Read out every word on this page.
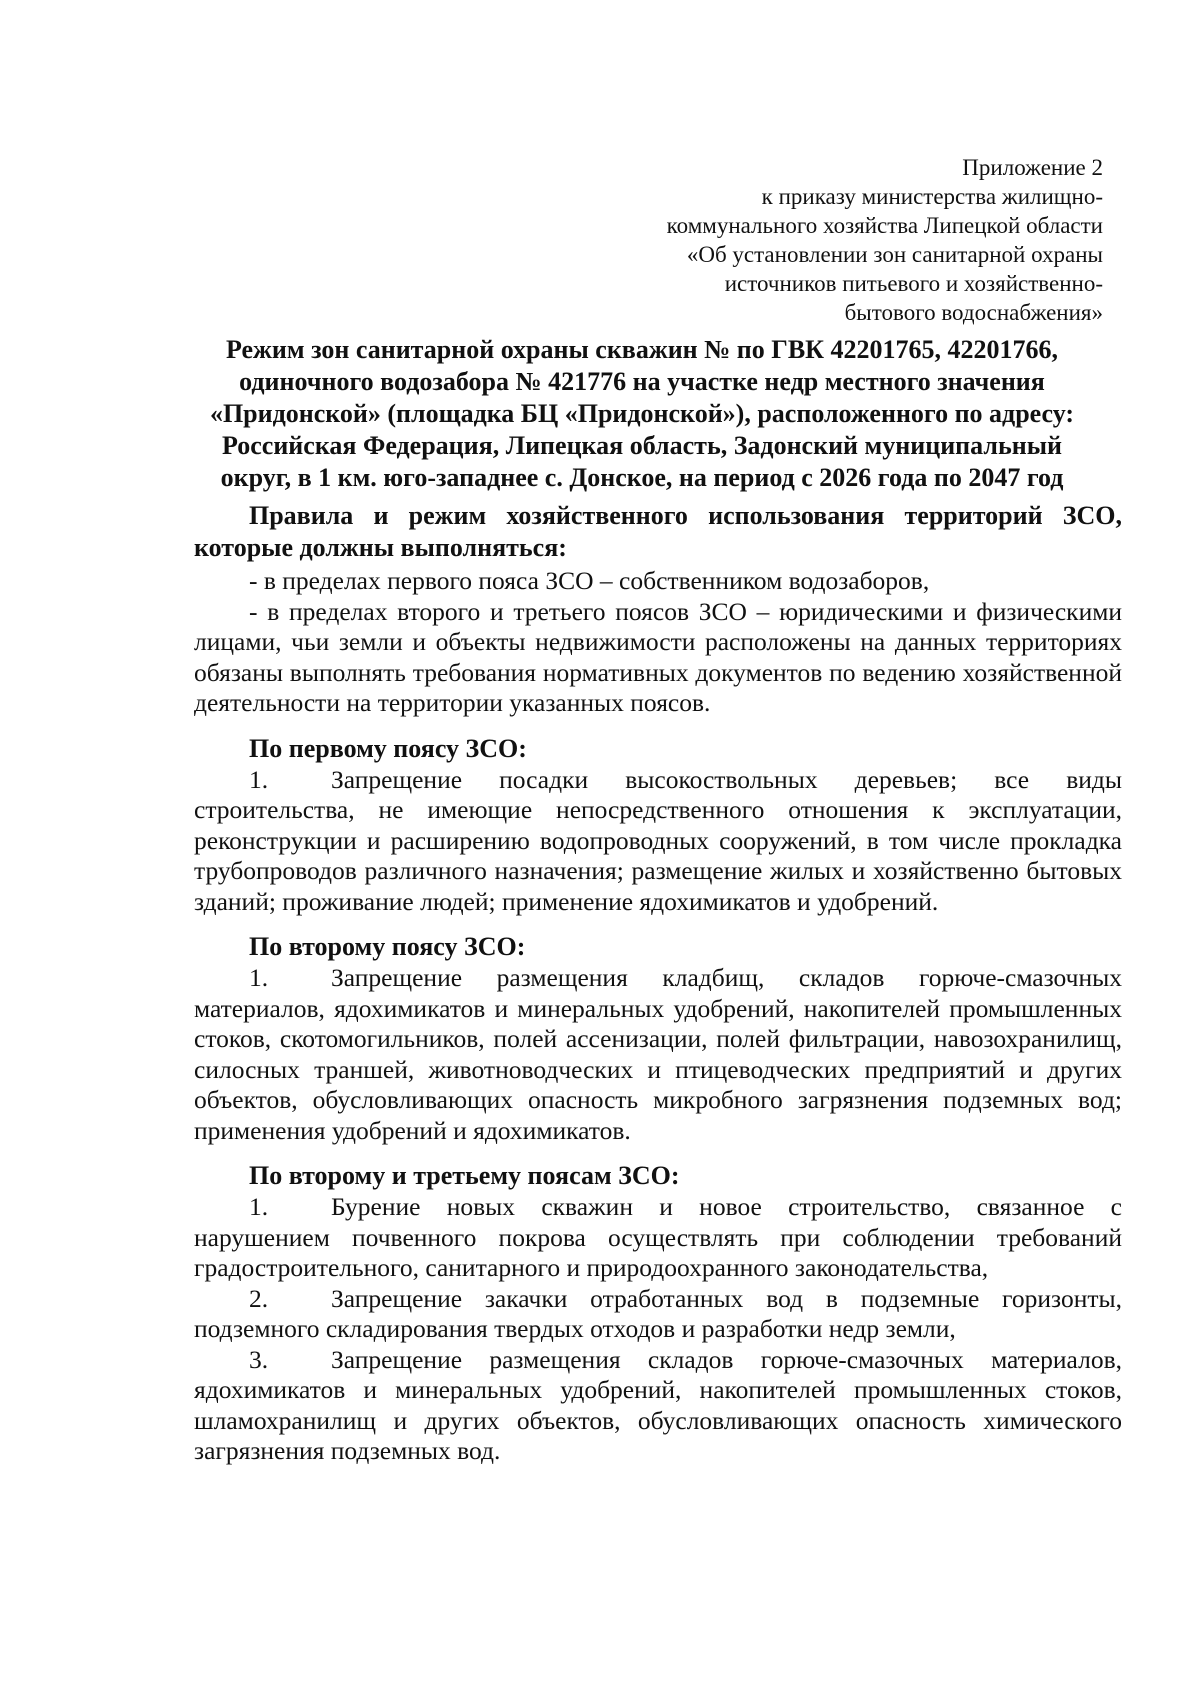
Приложение 2
к приказу министерства жилищно-
коммунального хозяйства Липецкой области
«Об установлении зон санитарной охраны
источников питьевого и хозяйственно-
бытового водоснабжения»
Режим зон санитарной охраны скважин № по ГВК 42201765, 42201766,
одиночного водозабора № 421776 на участке недр местного значения
«Придонской» (площадка БЦ «Придонской»), расположенного по адресу:
Российская Федерация, Липецкая область, Задонский муниципальный
округ, в 1 км. юго-западнее с. Донское, на период с 2026 года по 2047 год

Правила и режим хозяйственного использования территорий ЗСО, которые должны выполняться:

- в пределах первого пояса ЗСО – собственником водозаборов,

- в пределах второго и третьего поясов ЗСО – юридическими и физическими лицами, чьи земли и объекты недвижимости расположены на данных территориях обязаны выполнять требования нормативных документов по ведению хозяйственной деятельности на территории указанных поясов.

По первому поясу ЗСО:

1. Запрещение посадки высокоствольных деревьев; все виды строительства, не имеющие непосредственного отношения к эксплуатации, реконструкции и расширению водопроводных сооружений, в том числе прокладка трубопроводов различного назначения; размещение жилых и хозяйственно бытовых зданий; проживание людей; применение ядохимикатов и удобрений.

По второму поясу ЗСО:

1. Запрещение размещения кладбищ, складов горюче-смазочных материалов, ядохимикатов и минеральных удобрений, накопителей промышленных стоков, скотомогильников, полей ассенизации, полей фильтрации, навозохранилищ, силосных траншей, животноводческих и птицеводческих предприятий и других объектов, обусловливающих опасность микробного загрязнения подземных вод; применения удобрений и ядохимикатов.

По второму и третьему поясам ЗСО:

1. Бурение новых скважин и новое строительство, связанное с нарушением почвенного покрова осуществлять при соблюдении требований градостроительного, санитарного и природоохранного законодательства,

2. Запрещение закачки отработанных вод в подземные горизонты, подземного складирования твердых отходов и разработки недр земли,

3. Запрещение размещения складов горюче-смазочных материалов, ядохимикатов и минеральных удобрений, накопителей промышленных стоков, шламохранилищ и других объектов, обусловливающих опасность химического загрязнения подземных вод.
